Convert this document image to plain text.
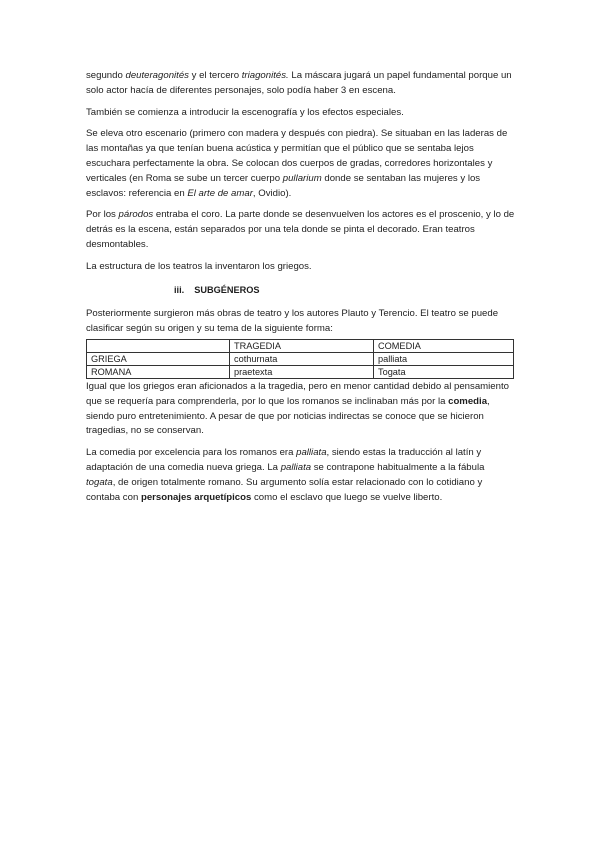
segundo deuteragonités y el tercero triagonités. La máscara jugará un papel fundamental porque un solo actor hacía de diferentes personajes, solo podía haber 3 en escena.

También se comienza a introducir la escenografía y los efectos especiales.

Se eleva otro escenario (primero con madera y después con piedra). Se situaban en las laderas de las montañas ya que tenían buena acústica y permitían que el público que se sentaba lejos escuchara perfectamente la obra. Se colocan dos cuerpos de gradas, corredores horizontales y verticales (en Roma se sube un tercer cuerpo pullarium donde se sentaban las mujeres y los esclavos: referencia en El arte de amar, Ovidio).

Por los párodos entraba el coro. La parte donde se desenvuelven los actores es el proscenio, y lo de detrás es la escena, están separados por una tela donde se pinta el decorado. Eran teatros desmontables.

La estructura de los teatros la inventaron los griegos.

iii. SUBGÉNEROS

Posteriormente surgieron más obras de teatro y los autores Plauto y Terencio. El teatro se puede clasificar según su origen y su tema de la siguiente forma:

	TRAGEDIA	COMEDIA
GRIEGA	cothurnata	palliata
ROMANA	praetexta	Togata

Igual que los griegos eran aficionados a la tragedia, pero en menor cantidad debido al pensamiento que se requería para comprenderla, por lo que los romanos se inclinaban más por la comedia, siendo puro entretenimiento. A pesar de que por noticias indirectas se conoce que se hicieron tragedias, no se conservan.

La comedia por excelencia para los romanos era palliata, siendo estas la traducción al latín y adaptación de una comedia nueva griega. La palliata se contrapone habitualmente a la fábula togata, de origen totalmente romano. Su argumento solía estar relacionado con lo cotidiano y contaba con personajes arquetípicos como el esclavo que luego se vuelve liberto.
